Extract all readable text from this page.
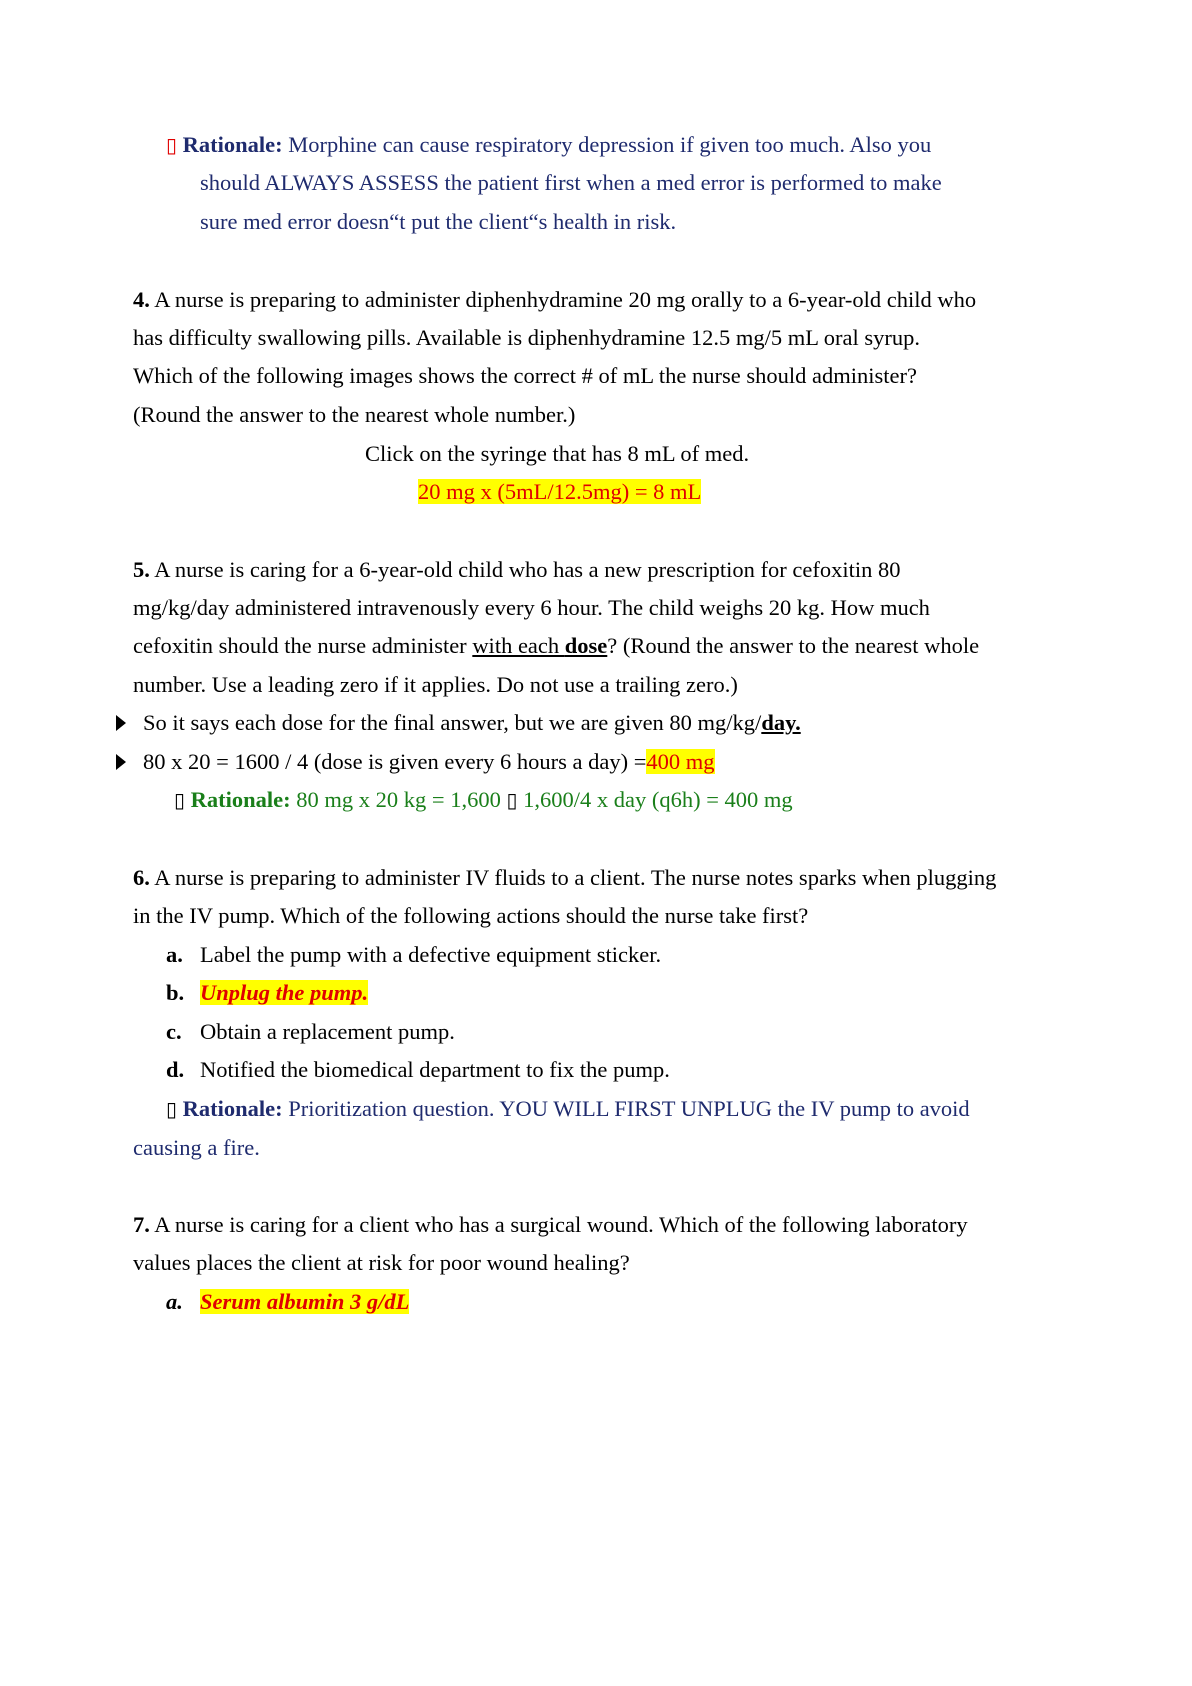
▯ Rationale: Morphine can cause respiratory depression if given too much. Also you
should ALWAYS ASSESS the patient first when a med error is performed to make
sure med error doesn“t put the client“s health in risk.
4. A nurse is preparing to administer diphenhydramine 20 mg orally to a 6-year-old child who
has difficulty swallowing pills. Available is diphenhydramine 12.5 mg/5 mL oral syrup.
Which of the following images shows the correct # of mL the nurse should administer?
(Round the answer to the nearest whole number.)
Click on the syringe that has 8 mL of med.
20 mg x (5mL/12.5mg) = 8 mL
5. A nurse is caring for a 6-year-old child who has a new prescription for cefoxitin 80
mg/kg/day administered intravenously every 6 hour. The child weighs 20 kg. How much
cefoxitin should the nurse administer with each dose? (Round the answer to the nearest whole
number. Use a leading zero if it applies. Do not use a trailing zero.)
So it says each dose for the final answer, but we are given 80 mg/kg/day.
80 x 20 = 1600 / 4 (dose is given every 6 hours a day) =400 mg
▯ Rationale: 80 mg x 20 kg = 1,600 ▯ 1,600/4 x day (q6h) = 400 mg
6. A nurse is preparing to administer IV fluids to a client. The nurse notes sparks when plugging
in the IV pump. Which of the following actions should the nurse take first?
a. Label the pump with a defective equipment sticker.
b. Unplug the pump.
c. Obtain a replacement pump.
d. Notified the biomedical department to fix the pump.
▯ Rationale: Prioritization question. YOU WILL FIRST UNPLUG the IV pump to avoid
causing a fire.
7. A nurse is caring for a client who has a surgical wound. Which of the following laboratory
values places the client at risk for poor wound healing?
a. Serum albumin 3 g/dL
